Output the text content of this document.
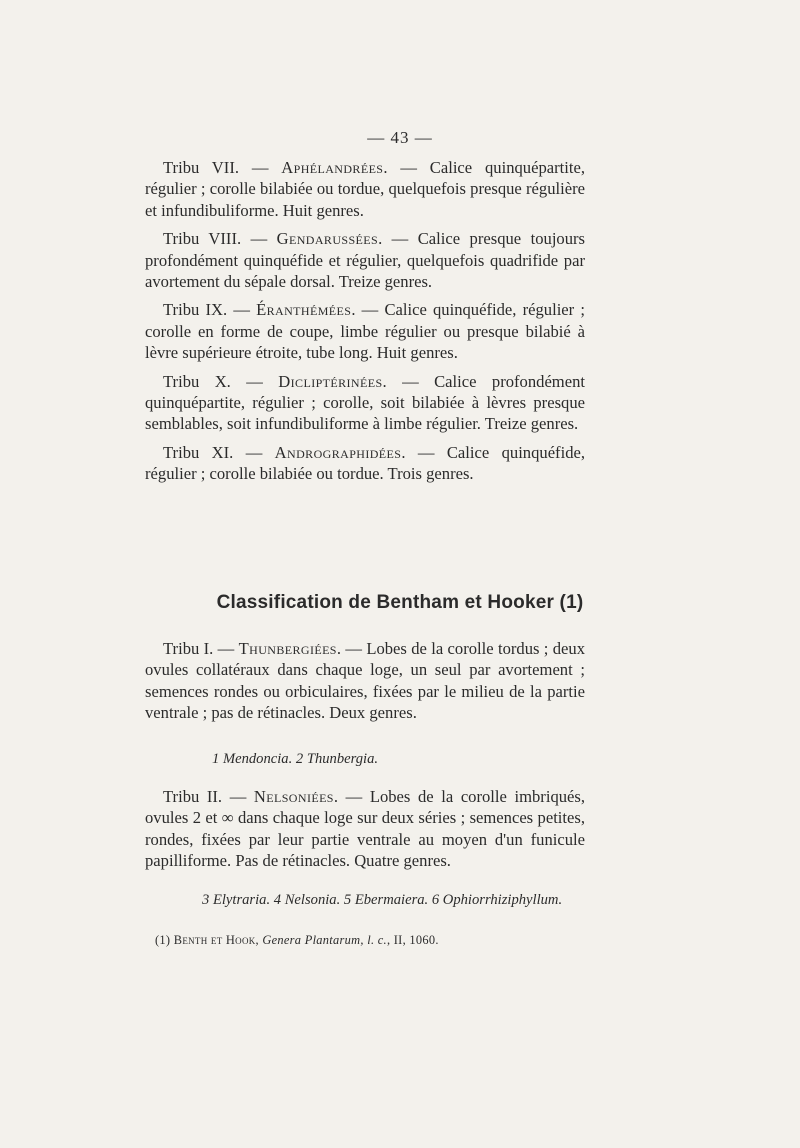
— 43 —

Tribu VII. — Aphélandrées. — Calice quinquépartite, régulier ; corolle bilabiée ou tordue, quelquefois presque régulière et infundibuliforme. Huit genres.

Tribu VIII. — Gendarussées. — Calice presque toujours profondément quinquéfide et régulier, quelquefois quadrifide par avortement du sépale dorsal. Treize genres.

Tribu IX. — Éranthémées. — Calice quinquéfide, régulier ; corolle en forme de coupe, limbe régulier ou presque bilabié à lèvre supérieure étroite, tube long. Huit genres.

Tribu X. — Dicliptérinées. — Calice profondément quinquépartite, régulier ; corolle, soit bilabiée à lèvres presque semblables, soit infundibuliforme à limbe régulier. Treize genres.

Tribu XI. — Andrographidées. — Calice quinquéfide, régulier ; corolle bilabiée ou tordue. Trois genres.

Classification de Bentham et Hooker (1)

Tribu I. — Thunbergiées. — Lobes de la corolle tordus ; deux ovules collatéraux dans chaque loge, un seul par avortement ; semences rondes ou orbiculaires, fixées par le milieu de la partie ventrale ; pas de rétinacles. Deux genres.

1 Mendoncia. 2 Thunbergia.

Tribu II. — Nelsoniées. — Lobes de la corolle imbriqués, ovules 2 et ∞ dans chaque loge sur deux séries ; semences petites, rondes, fixées par leur partie ventrale au moyen d'un funicule papilliforme. Pas de rétinacles. Quatre genres.

3 Elytraria. 4 Nelsonia. 5 Ebermaiera. 6 Ophiorrhiziphyllum.
(1) Benth et Hook, Genera Plantarum, l. c., II, 1060.
